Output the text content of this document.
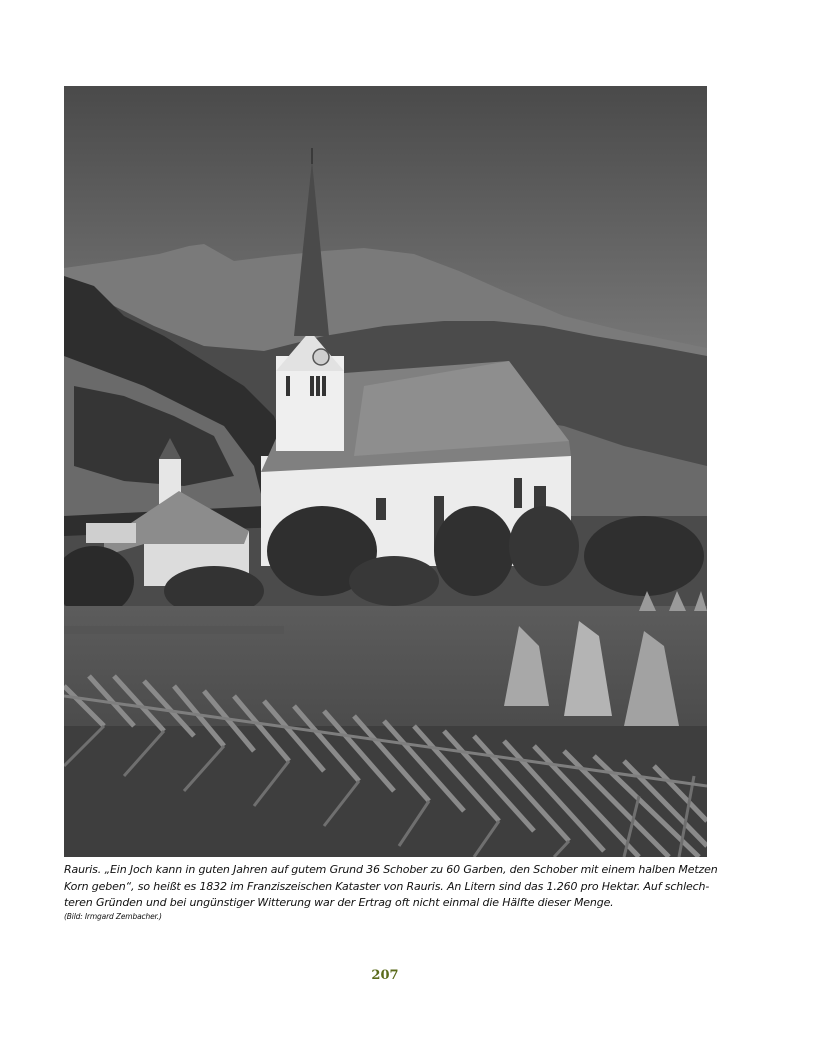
Rauris. „Ein Joch kann in guten Jahren auf gutem Grund 36 Schober zu 60 Garben, den Schober mit einem halben Metzen
Korn geben“, so heißt es 1832 im Franziszeischen Kataster von Rauris. An Litern sind das 1.260 pro Hektar. Auf schlech-
teren Gründen und bei ungünstiger Witterung war der Ertrag oft nicht einmal die Hälfte dieser Menge.
(Bild: Irmgard Zembacher.)
207
